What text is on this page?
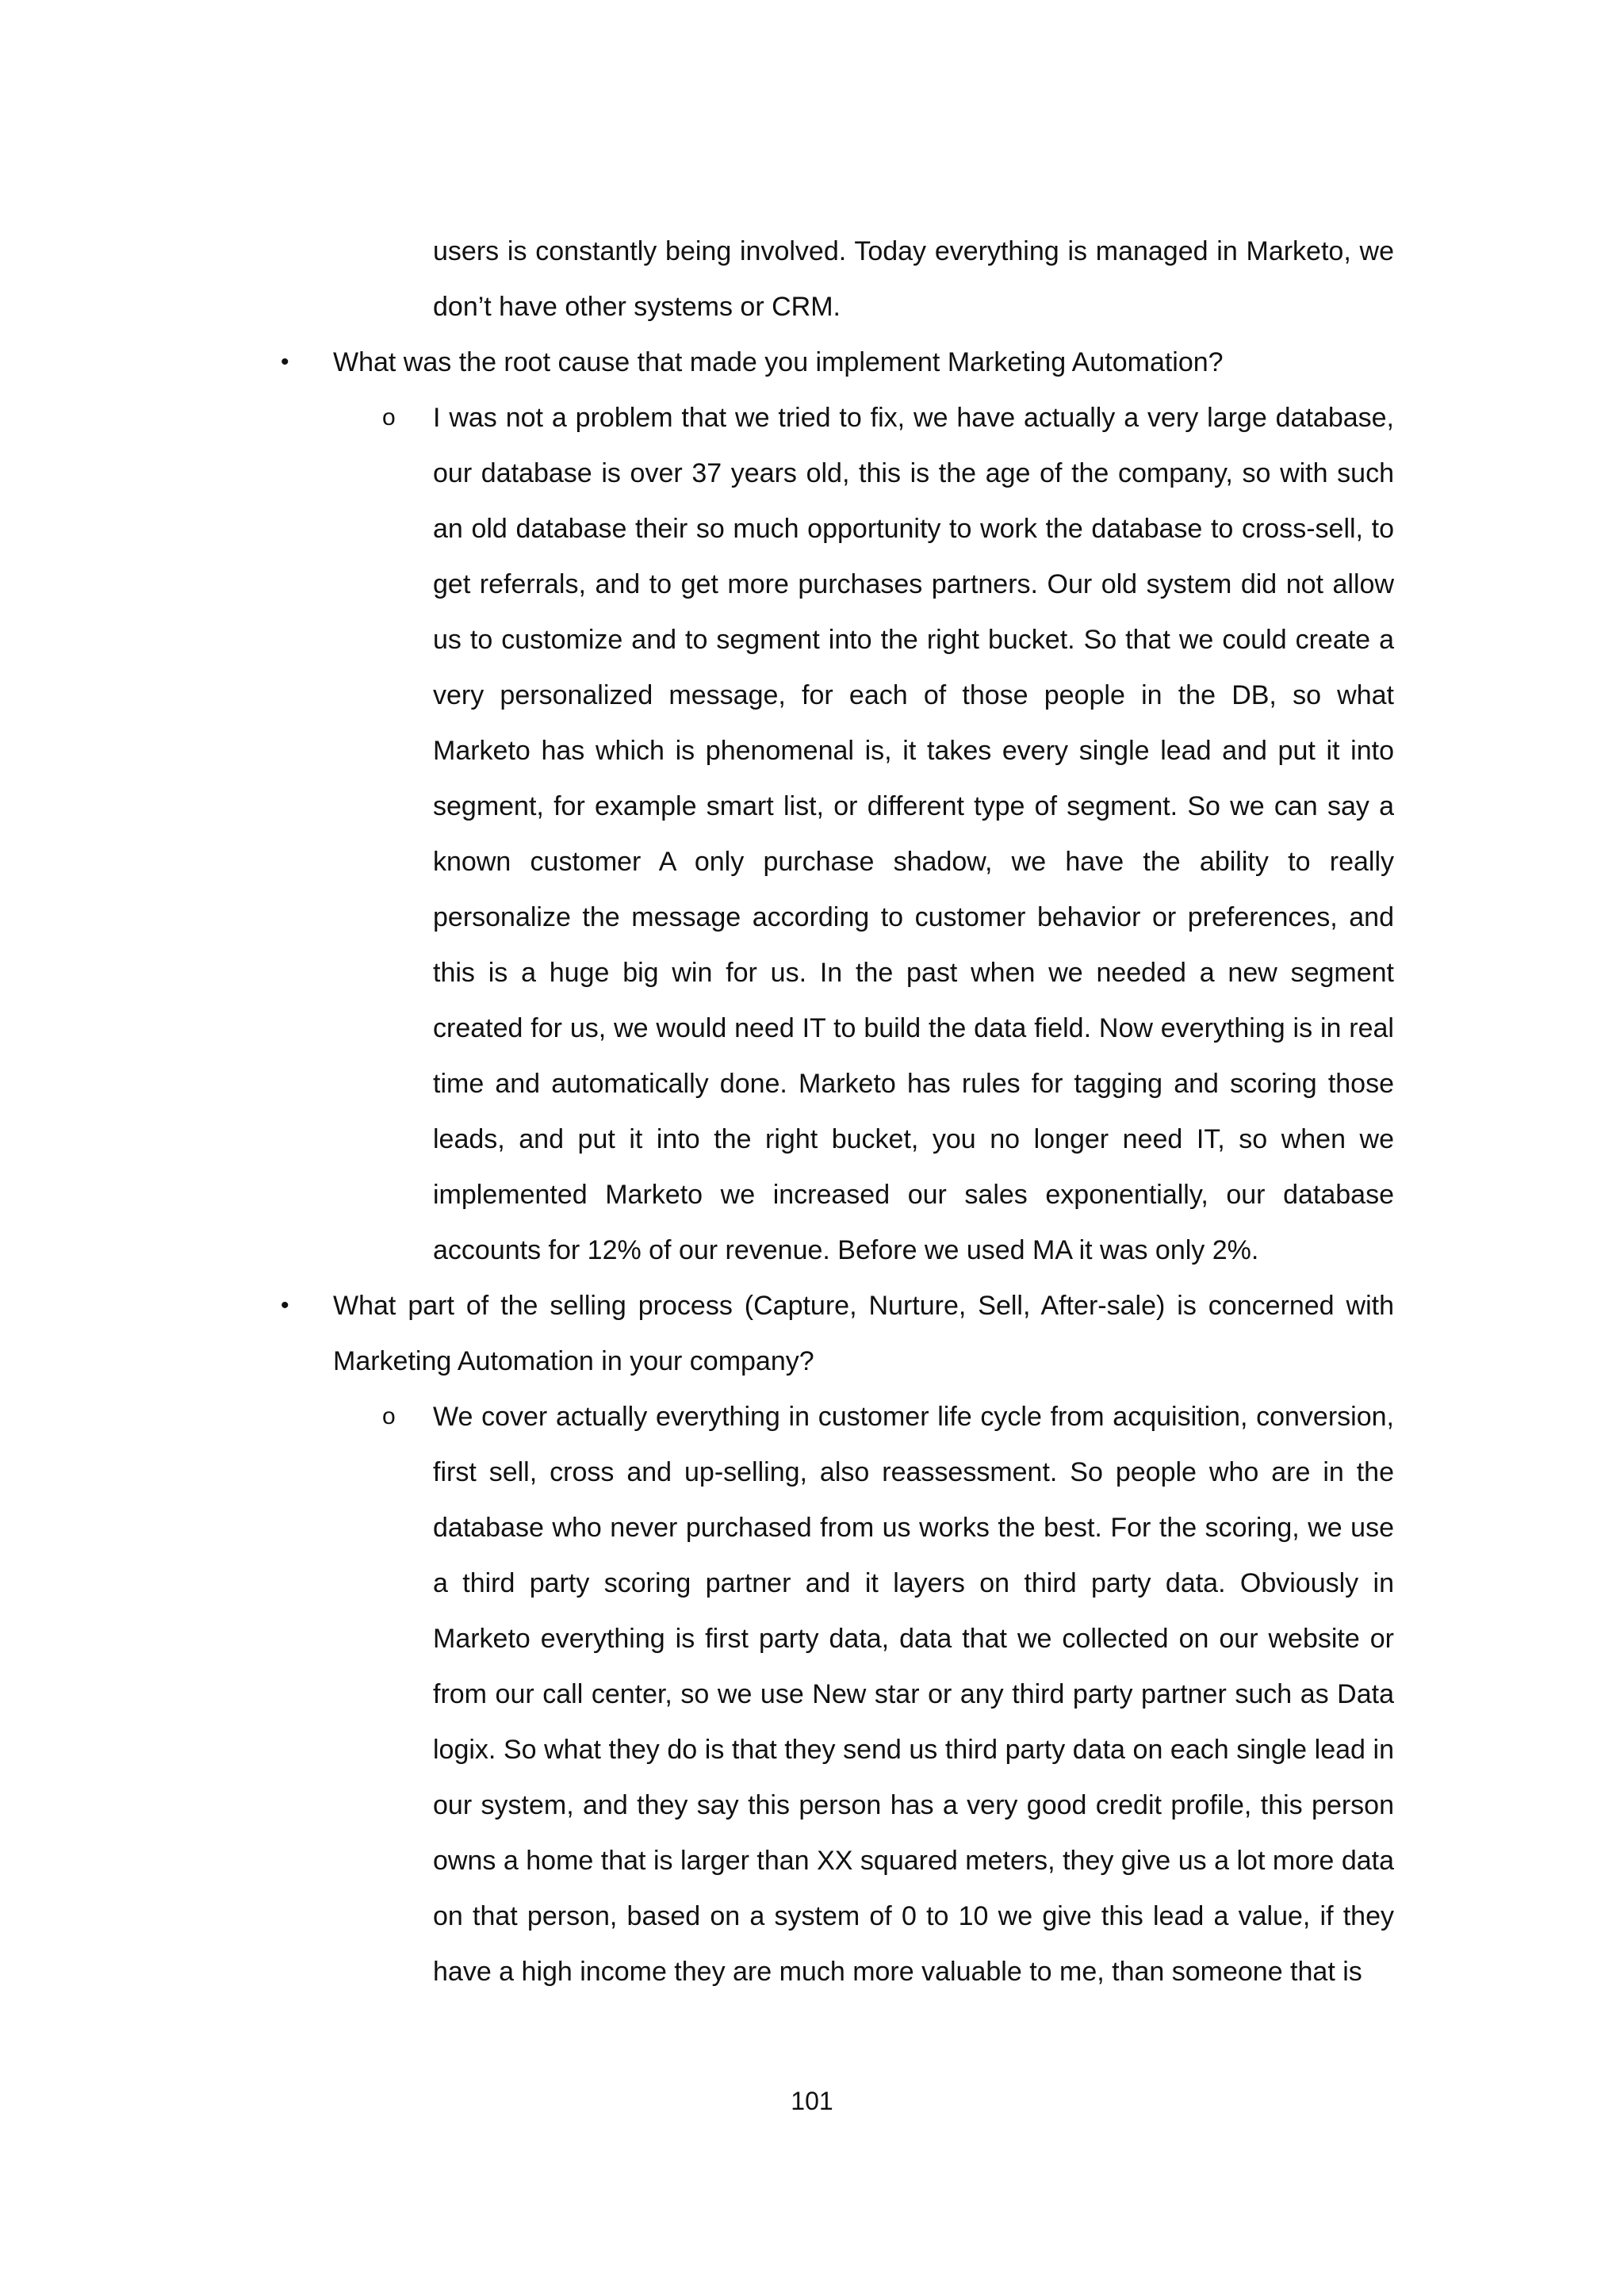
users is constantly being involved. Today everything is managed in Marketo, we don’t have other systems or CRM.

•	What was the root cause that made you implement Marketing Automation?

o	I was not a problem that we tried to fix, we have actually a very large database, our database is over 37 years old, this is the age of the company, so with such an old database their so much opportunity to work the database to cross-sell, to get referrals, and to get more purchases partners. Our old system did not allow us to customize and to segment into the right bucket. So that we could create a very personalized message, for each of those people in the DB, so what Marketo has which is phenomenal is, it takes every single lead and put it into segment, for example smart list, or different type of segment. So we can say a known customer A only purchase shadow, we have the ability to really personalize the message according to customer behavior or preferences, and this is a huge big win for us. In the past when we needed a new segment created for us, we would need IT to build the data field. Now everything is in real time and automatically done. Marketo has rules for tagging and scoring those leads, and put it into the right bucket, you no longer need IT, so when we implemented Marketo we increased our sales exponentially, our database accounts for 12% of our revenue. Before we used MA it was only 2%.

•	What part of the selling process (Capture, Nurture, Sell, After-sale) is concerned with Marketing Automation in your company?

o	We cover actually everything in customer life cycle from acquisition, conversion, first sell, cross and up-selling, also reassessment. So people who are in the database who never purchased from us works the best. For the scoring, we use a third party scoring partner and it layers on third party data. Obviously in Marketo everything is first party data, data that we collected on our website or from our call center, so we use New star or any third party partner such as Data logix. So what they do is that they send us third party data on each single lead in our system, and they say this person has a very good credit profile, this person owns a home that is larger than XX squared meters, they give us a lot more data on that person, based on a system of 0 to 10 we give this lead a value, if they have a high income they are much more valuable to me, than someone that is

101
